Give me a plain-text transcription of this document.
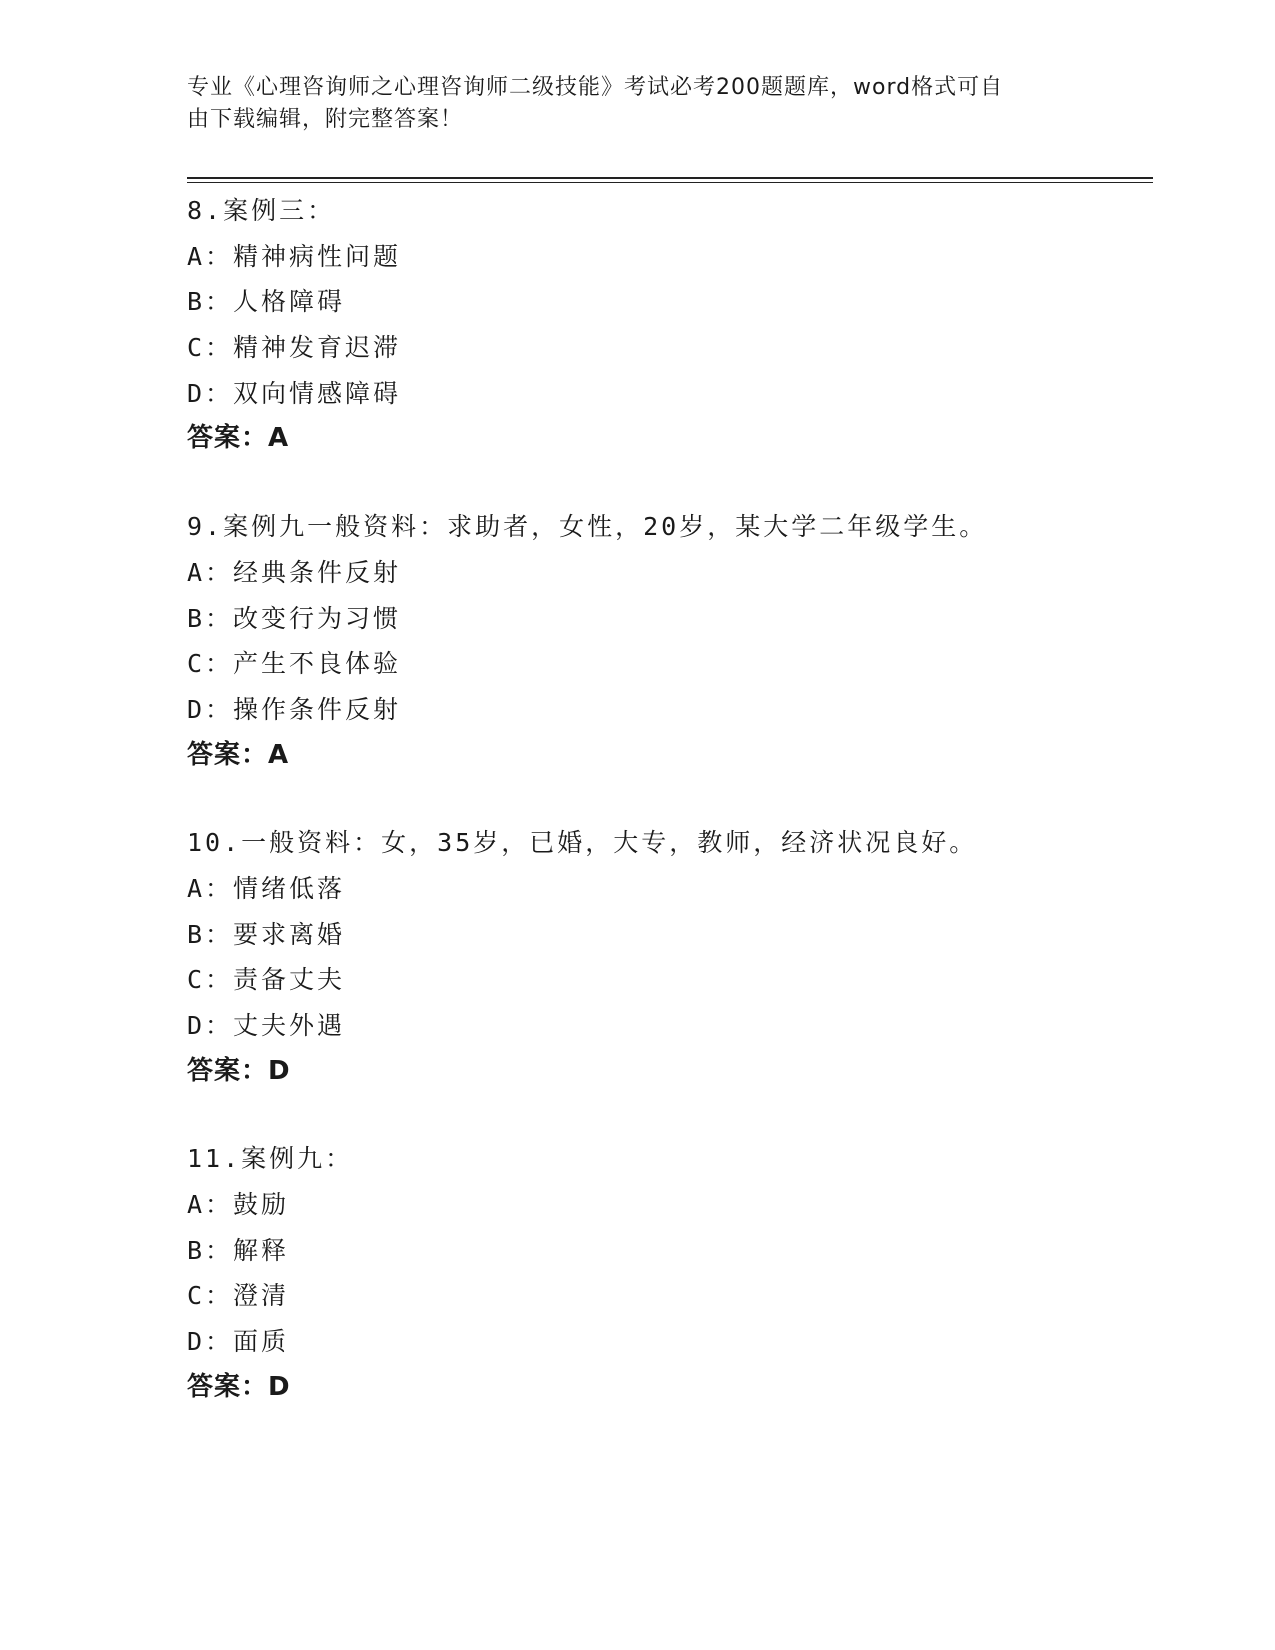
专业《心理咨询师之心理咨询师二级技能》考试必考200题题库，word格式可自
由下载编辑，附完整答案！
8.案例三：
A：精神病性问题
B：人格障碍
C：精神发育迟滞
D：双向情感障碍
答案：A
9.案例九一般资料：求助者，女性，20岁，某大学二年级学生。
A：经典条件反射
B：改变行为习惯
C：产生不良体验
D：操作条件反射
答案：A
10.一般资料：女，35岁，已婚，大专，教师，经济状况良好。
A：情绪低落
B：要求离婚
C：责备丈夫
D：丈夫外遇
答案：D
11.案例九：
A：鼓励
B：解释
C：澄清
D：面质
答案：D
